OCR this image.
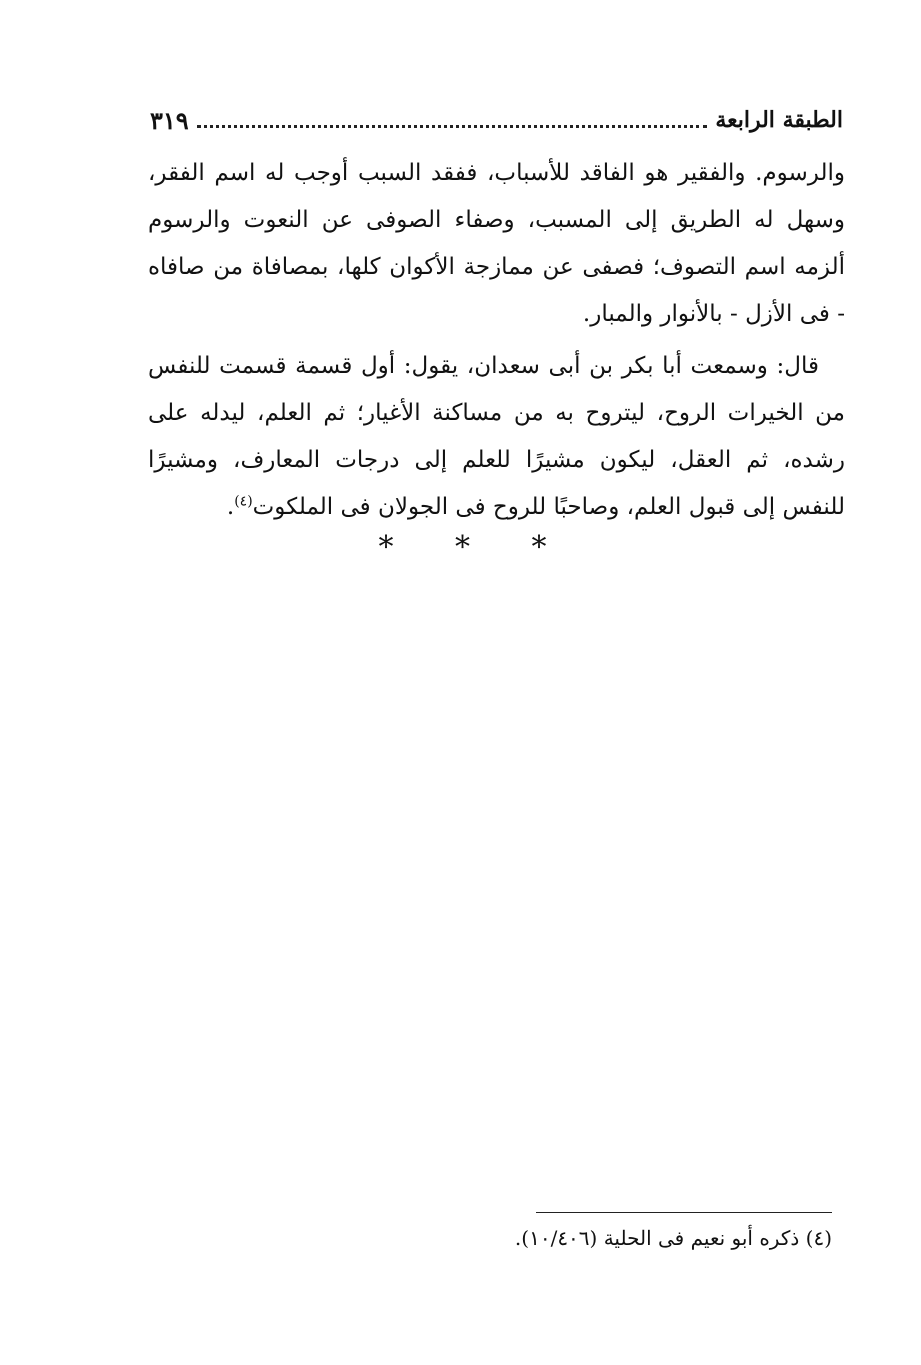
الطبقة الرابعة
٣١٩

والرسوم. والفقير هو الفاقد للأسباب، ففقد السبب أوجب له اسم الفقر، وسهل له الطريق إلى المسبب، وصفاء الصوفى عن النعوت والرسوم ألزمه اسم التصوف؛ فصفى عن ممازجة الأكوان كلها، بمصافاة من صافاه - فى الأزل - بالأنوار والمبار.

قال: وسمعت أبا بكر بن أبى سعدان، يقول: أول قسمة قسمت للنفس من الخيرات الروح، ليتروح به من مساكنة الأغيار؛ ثم العلم، ليدله على رشده، ثم العقل، ليكون مشيرًا للعلم إلى درجات المعارف، ومشيرًا للنفس إلى قبول العلم، وصاحبًا للروح فى الجولان فى الملكوت$^{(٤)}$.

* * *
(٤) ذكره أبو نعيم فى الحلية (١٠/٤٠٦).
